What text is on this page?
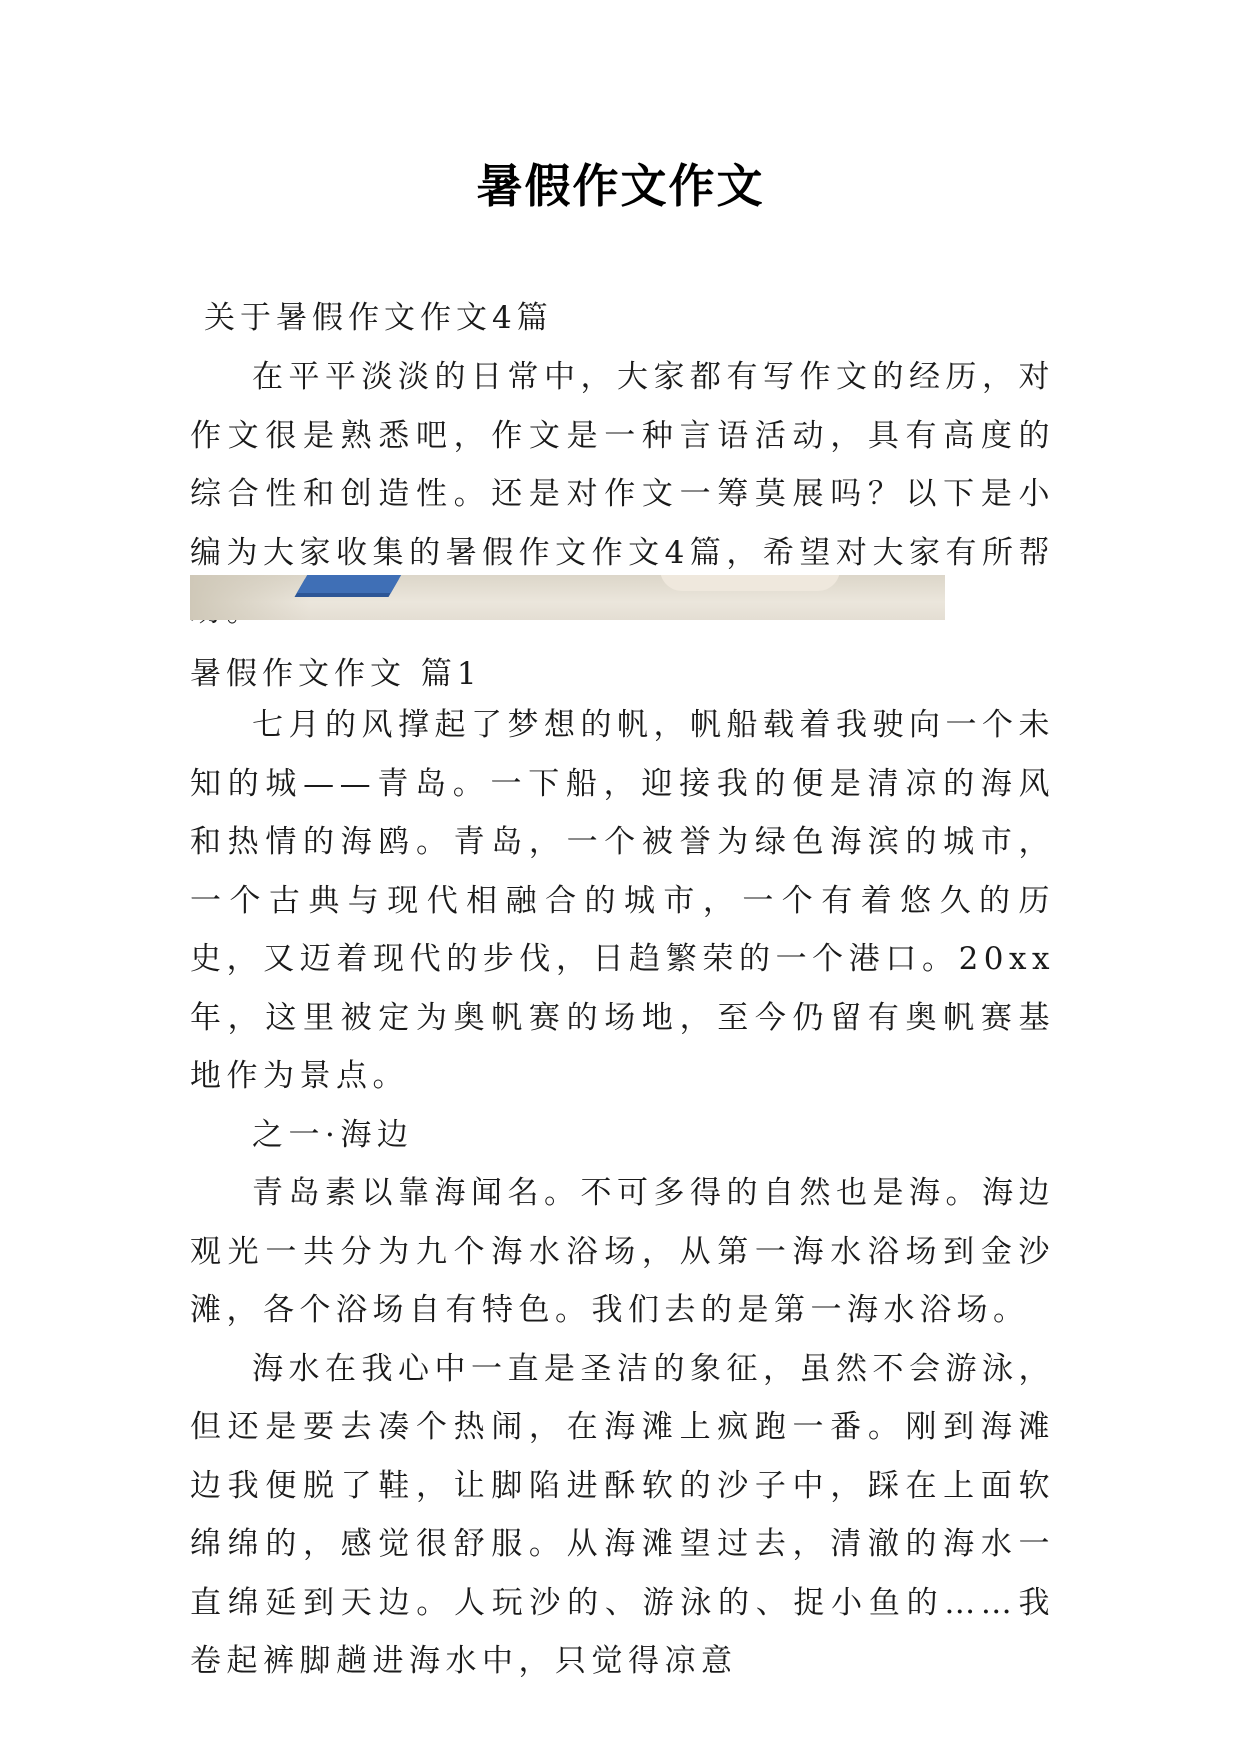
暑假作文作文
关于暑假作文作文4篇

在平平淡淡的日常中，大家都有写作文的经历，对作文很是熟悉吧，作文是一种言语活动，具有高度的综合性和创造性。还是对作文一筹莫展吗？以下是小编为大家收集的暑假作文作文4篇，希望对大家有所帮

暑假作文作文 篇1

七月的风撑起了梦想的帆，帆船载着我驶向一个未知的城——青岛。一下船，迎接我的便是清凉的海风和热情的海鸥。青岛，一个被誉为绿色海滨的城市，一个古典与现代相融合的城市，一个有着悠久的历史，又迈着现代的步伐，日趋繁荣的一个港口。20xx年，这里被定为奥帆赛的场地，至今仍留有奥帆赛基地作为景点。

之一·海边

青岛素以靠海闻名。不可多得的自然也是海。海边观光一共分为九个海水浴场，从第一海水浴场到金沙滩，各个浴场自有特色。我们去的是第一海水浴场。

海水在我心中一直是圣洁的象征，虽然不会游泳，但还是要去凑个热闹，在海滩上疯跑一番。刚到海滩边我便脱了鞋，让脚陷进酥软的沙子中，踩在上面软绵绵的，感觉很舒服。从海滩望过去，清澈的海水一直绵延到天边。人玩沙的、游泳的、捉小鱼的……我卷起裤脚趟进海水中，只觉得凉意
